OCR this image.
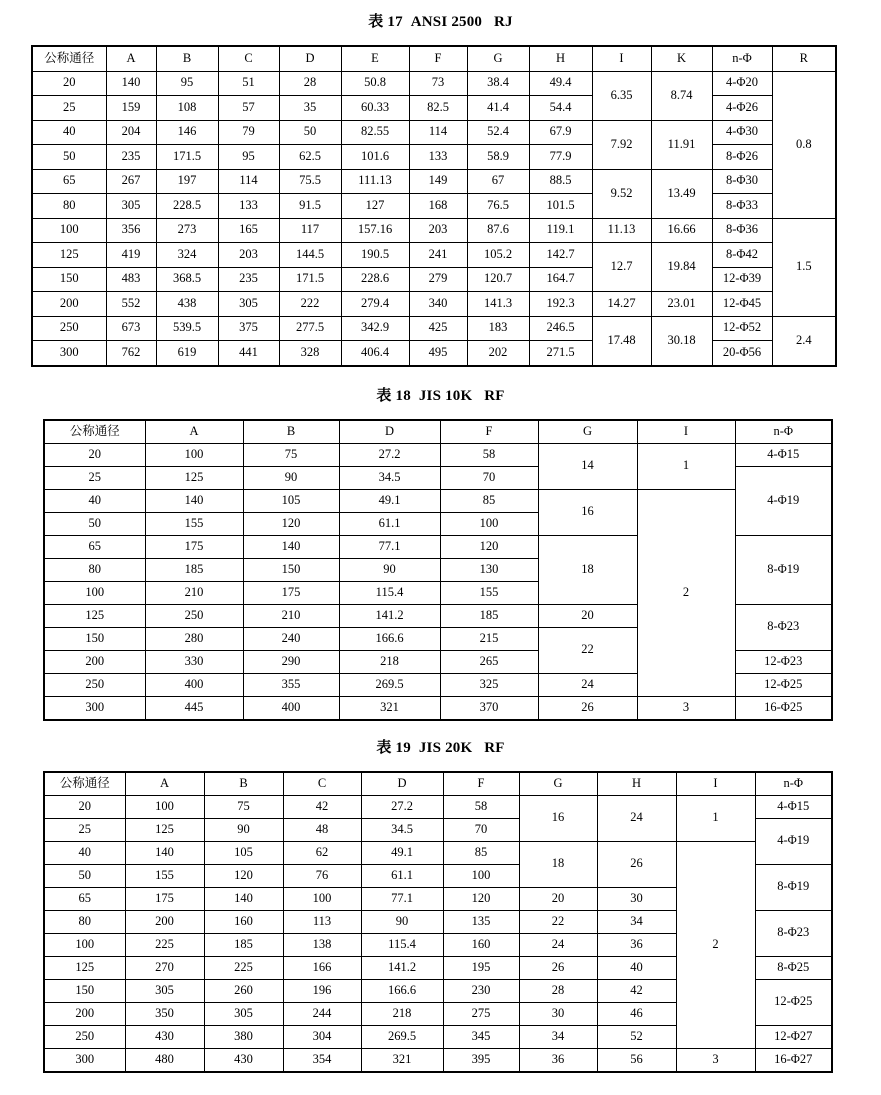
表 17  ANSI 2500   RJ
公称通径	A	B	C	D	E	F	G	H	I	K	n-Φ	R
20	140	95	51	28	50.8	73	38.4	49.4	6.35	8.74	4-Φ20	0.8
25	159	108	57	35	60.33	82.5	41.4	54.4			4-Φ26	
40	204	146	79	50	82.55	114	52.4	67.9	7.92	11.91	4-Φ30	
50	235	171.5	95	62.5	101.6	133	58.9	77.9			8-Φ26	
65	267	197	114	75.5	111.13	149	67	88.5	9.52	13.49	8-Φ30	
80	305	228.5	133	91.5	127	168	76.5	101.5			8-Φ33	
100	356	273	165	117	157.16	203	87.6	119.1	11.13	16.66	8-Φ36	1.5
125	419	324	203	144.5	190.5	241	105.2	142.7	12.7	19.84	8-Φ42	
150	483	368.5	235	171.5	228.6	279	120.7	164.7			12-Φ39	
200	552	438	305	222	279.4	340	141.3	192.3	14.27	23.01	12-Φ45	
250	673	539.5	375	277.5	342.9	425	183	246.5	17.48	30.18	12-Φ52	2.4
300	762	619	441	328	406.4	495	202	271.5			20-Φ56	
表 18  JIS 10K   RF
公称通径	A	B	D	F	G	I	n-Φ
20	100	75	27.2	58	14	1	4-Φ15
25	125	90	34.5	70			4-Φ19
40	140	105	49.1	85	16	2	
50	155	120	61.1	100			
65	175	140	77.1	120	18		8-Φ19
80	185	150	90	130			
100	210	175	115.4	155			
125	250	210	141.2	185	20		8-Φ23
150	280	240	166.6	215	22		
200	330	290	218	265			12-Φ23
250	400	355	269.5	325	24		12-Φ25
300	445	400	321	370	26	3	16-Φ25
表 19  JIS 20K   RF
公称通径	A	B	C	D	F	G	H	I	n-Φ
20	100	75	42	27.2	58	16	24	1	4-Φ15
25	125	90	48	34.5	70				4-Φ19
40	140	105	62	49.1	85	18	26	2	
50	155	120	76	61.1	100				8-Φ19
65	175	140	100	77.1	120	20	30		
80	200	160	113	90	135	22	34		8-Φ23
100	225	185	138	115.4	160	24	36		
125	270	225	166	141.2	195	26	40		8-Φ25
150	305	260	196	166.6	230	28	42		12-Φ25
200	350	305	244	218	275	30	46		
250	430	380	304	269.5	345	34	52		12-Φ27
300	480	430	354	321	395	36	56	3	16-Φ27
